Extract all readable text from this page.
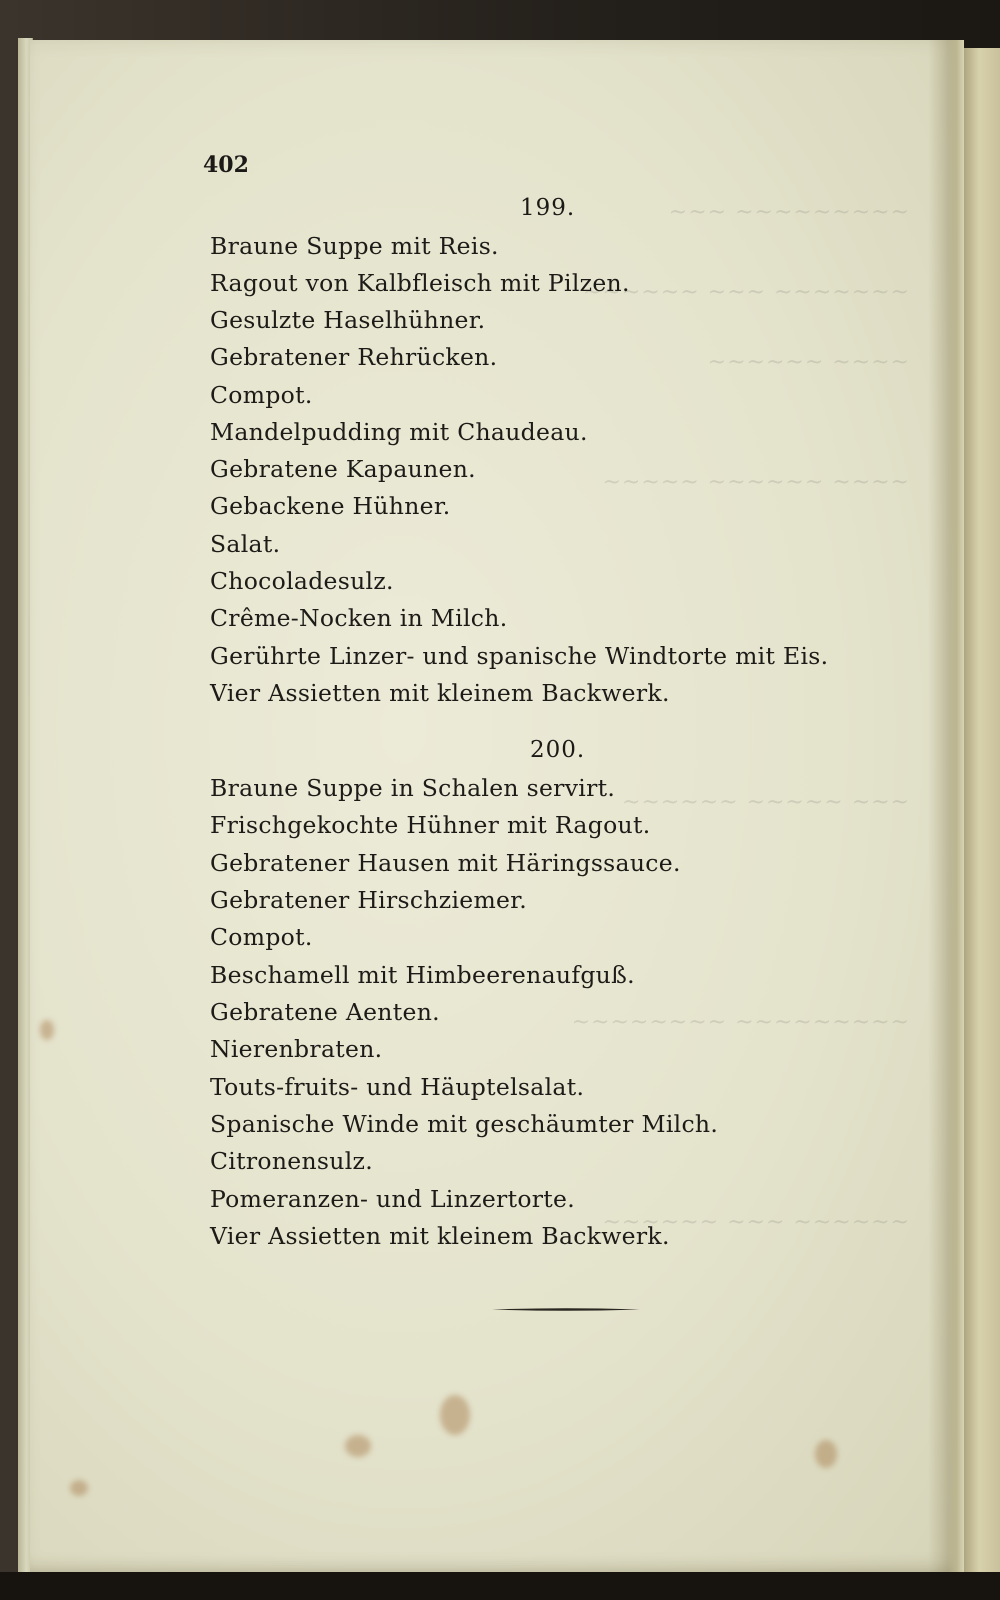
~~~ ~~~~~~~~~
~~~~~~ ~~~ ~~~~~~~
~~~~~~ ~~~~
~~~~~ ~~~~~~ ~~~~
~~~~~~ ~~~~~ ~~~
~~~~~~~~ ~~~~~~~~~
~~~~~~ ~~~ ~~~~~~
402
199.
Braune Suppe mit Reis.
Ragout von Kalbfleisch mit Pilzen.
Gesulzte Haselhühner.
Gebratener Rehrücken.
Compot.
Mandelpudding mit Chaudeau.
Gebratene Kapaunen.
Gebackene Hühner.
Salat.
Chocoladesulz.
Crême-Nocken in Milch.
Gerührte Linzer- und spanische Windtorte mit Eis.
Vier Assietten mit kleinem Backwerk.
200.
Braune Suppe in Schalen servirt.
Frischgekochte Hühner mit Ragout.
Gebratener Hausen mit Häringssauce.
Gebratener Hirschziemer.
Compot.
Beschamell mit Himbeerenaufguß.
Gebratene Aenten.
Nierenbraten.
Touts-fruits- und Häuptelsalat.
Spanische Winde mit geschäumter Milch.
Citronensulz.
Pomeranzen- und Linzertorte.
Vier Assietten mit kleinem Backwerk.
